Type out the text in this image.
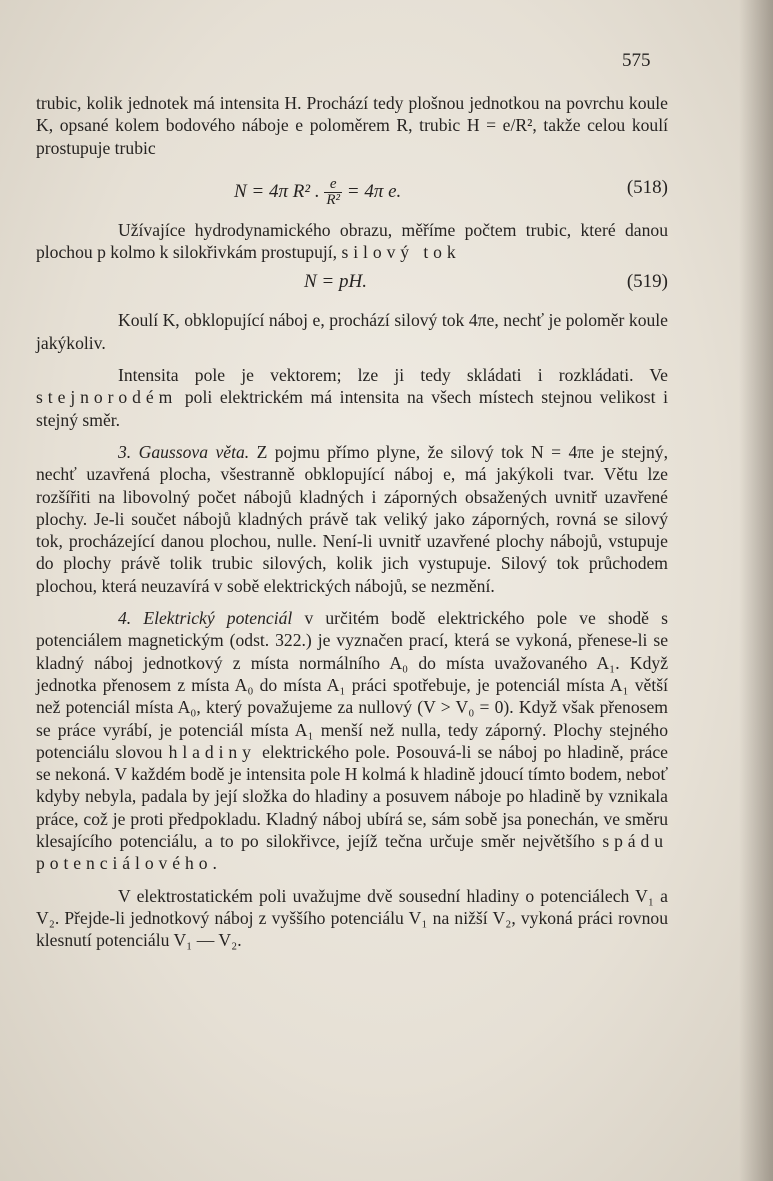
575

trubic, kolik jednotek má intensita H. Prochází tedy plošnou jednotkou na povrchu koule K, opsané kolem bodového náboje e poloměrem R, trubic H = e/R², takže celou koulí prostupuje trubic

N = 4π R² . $\frac{e}{\text{R²}} = 4\pi$ e.	(518)

Užívajíce hydrodynamického obrazu, měříme počtem trubic, které danou plochou p kolmo k silokřivkám prostupují, silový tok

N = pH.	(519)

Koulí K, obklopující náboj e, prochází silový tok 4πe, nechť je poloměr koule jakýkoliv.

Intensita pole je vektorem; lze ji tedy skládati i rozkládati. Ve stejnorodém poli elektrickém má intensita na všech místech stejnou velikost i stejný směr.

3. Gaussova věta. Z pojmu přímo plyne, že silový tok N = 4πe je stejný, nechť uzavřená plocha, všestranně obklopující náboj e, má jakýkoli tvar. Větu lze rozšířiti na libovolný počet nábojů kladných i záporných obsažených uvnitř uzavřené plochy. Je-li součet nábojů kladných právě tak veliký jako záporných, rovná se silový tok, procházející danou plochou, nulle. Není-li uvnitř uzavřené plochy nábojů, vstupuje do plochy právě tolik trubic silových, kolik jich vystupuje. Silový tok průchodem plochou, která neuzavírá v sobě elektrických nábojů, se nezmění.

4. Elektrický potenciál v určitém bodě elektrického pole ve shodě s potenciálem magnetickým (odst. 322.) je vyznačen prací, která se vykoná, přenese-li se kladný náboj jednotkový z místa normálního A₀ do místa uvažovaného A₁. Když jednotka přenosem z místa A₀ do místa A₁ práci spotřebuje, je potenciál místa A₁ větší než potenciál místa A₀, který považujeme za nullový (V > V₀ = 0). Když však přenosem se práce vyrábí, je potenciál místa A₁ menší než nulla, tedy záporný. Plochy stejného potenciálu slovou hladiny elektrického pole. Posouvá-li se náboj po hladině, práce se nekoná. V každém bodě je intensita pole H kolmá k hladině jdoucí tímto bodem, neboť kdyby nebyla, padala by její složka do hladiny a posuvem náboje po hladině by vznikala práce, což je proti předpokladu. Kladný náboj ubírá se, sám sobě jsa ponechán, ve směru klesajícího potenciálu, a to po silokřivce, jejíž tečna určuje směr největšího spádu potenciálového.

V elektrostatickém poli uvažujme dvě sousední hladiny o potenciálech V₁ a V₂. Přejde-li jednotkový náboj z vyššího potenciálu V₁ na nižší V₂, vykoná práci rovnou klesnutí potenciálu V₁ — V₂.
